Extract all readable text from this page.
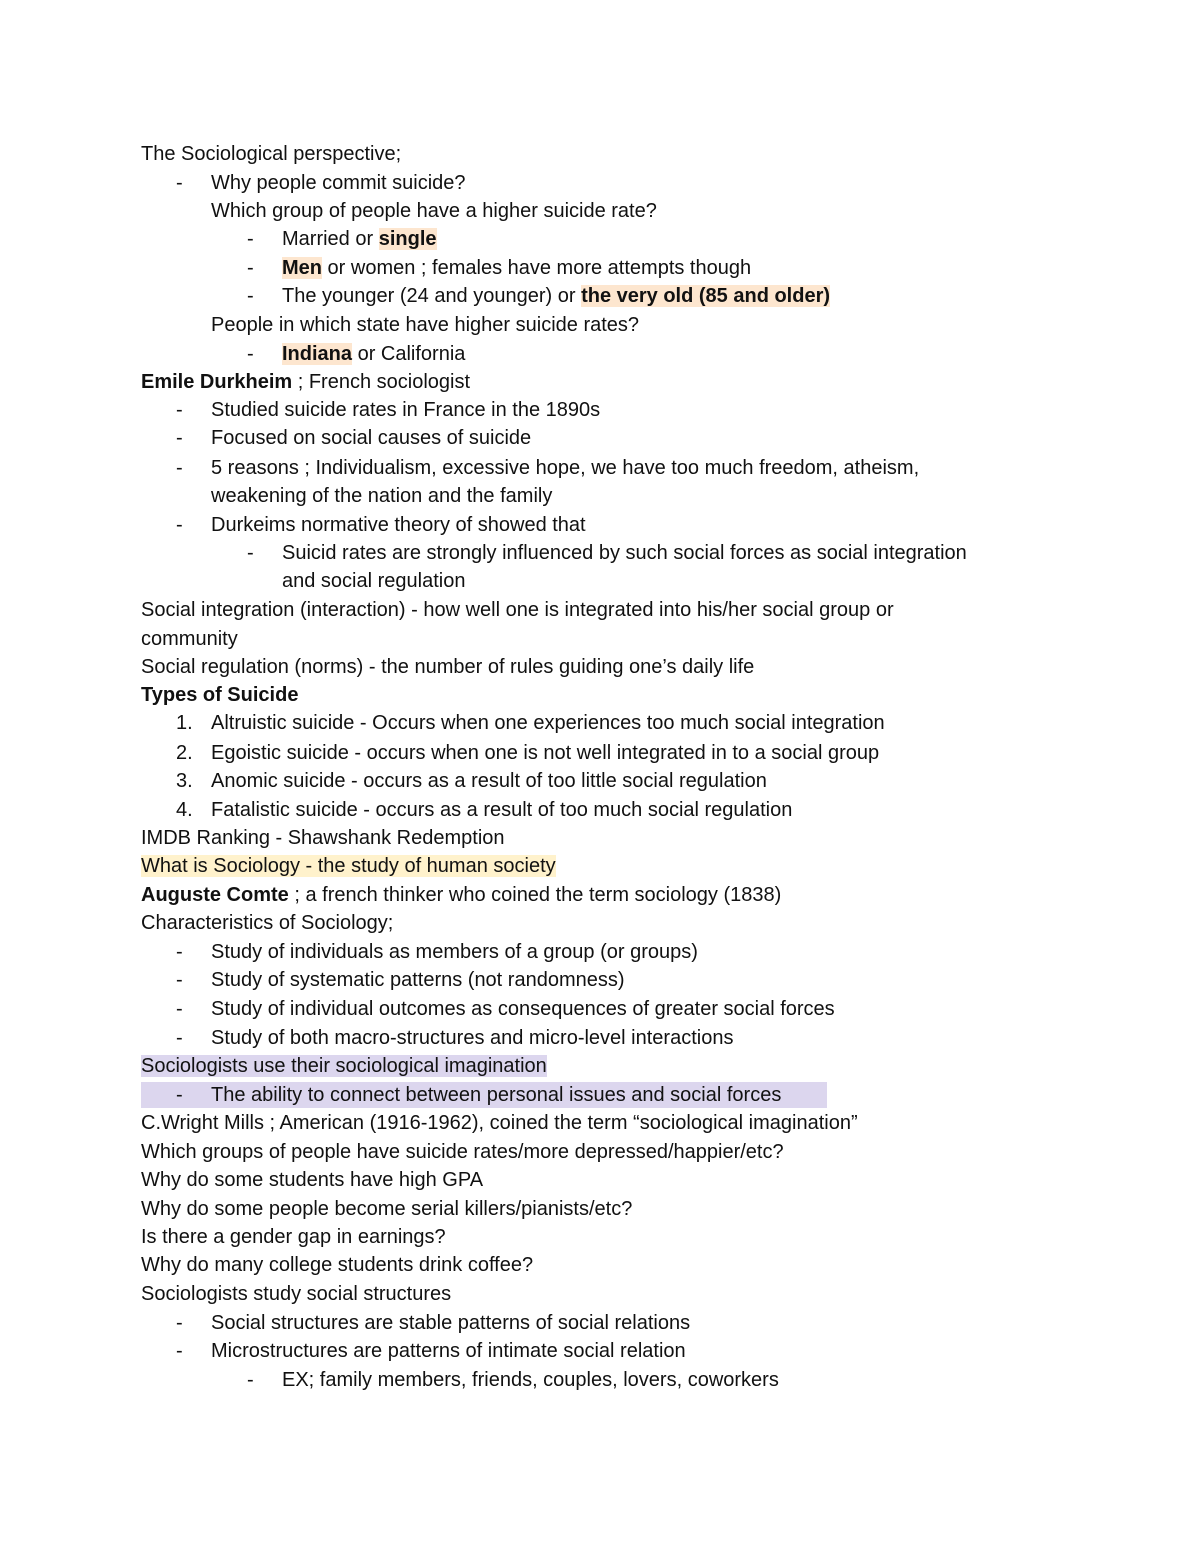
The Sociological perspective;
- Why people commit suicide?
Which group of people have a higher suicide rate?
- Married or single
- Men or women ; females have more attempts though
- The younger (24 and younger) or the very old (85 and older)
People in which state have higher suicide rates?
- Indiana or California
Emile Durkheim ; French sociologist
- Studied suicide rates in France in the 1890s
- Focused on social causes of suicide
- 5 reasons ; Individualism, excessive hope, we have too much freedom, atheism,
weakening of the nation and the family
- Durkeims normative theory of showed that
- Suicid rates are strongly influenced by such social forces as social integration
and social regulation
Social integration (interaction) - how well one is integrated into his/her social group or
community
Social regulation (norms) - the number of rules guiding one’s daily life
Types of Suicide
1. Altruistic suicide - Occurs when one experiences too much social integration
2. Egoistic suicide - occurs when one is not well integrated in to a social group
3. Anomic suicide - occurs as a result of too little social regulation
4. Fatalistic suicide - occurs as a result of too much social regulation
IMDB Ranking - Shawshank Redemption
What is Sociology - the study of human society
Auguste Comte ; a french thinker who coined the term sociology (1838)
Characteristics of Sociology;
- Study of individuals as members of a group (or groups)
- Study of systematic patterns (not randomness)
- Study of individual outcomes as consequences of greater social forces
- Study of both macro-structures and micro-level interactions
Sociologists use their sociological imagination
- The ability to connect between personal issues and social forces
C.Wright Mills ; American (1916-1962), coined the term “sociological imagination”
Which groups of people have suicide rates/more depressed/happier/etc?
Why do some students have high GPA
Why do some people become serial killers/pianists/etc?
Is there a gender gap in earnings?
Why do many college students drink coffee?
Sociologists study social structures
- Social structures are stable patterns of social relations
- Microstructures are patterns of intimate social relation
- EX; family members, friends, couples, lovers, coworkers
